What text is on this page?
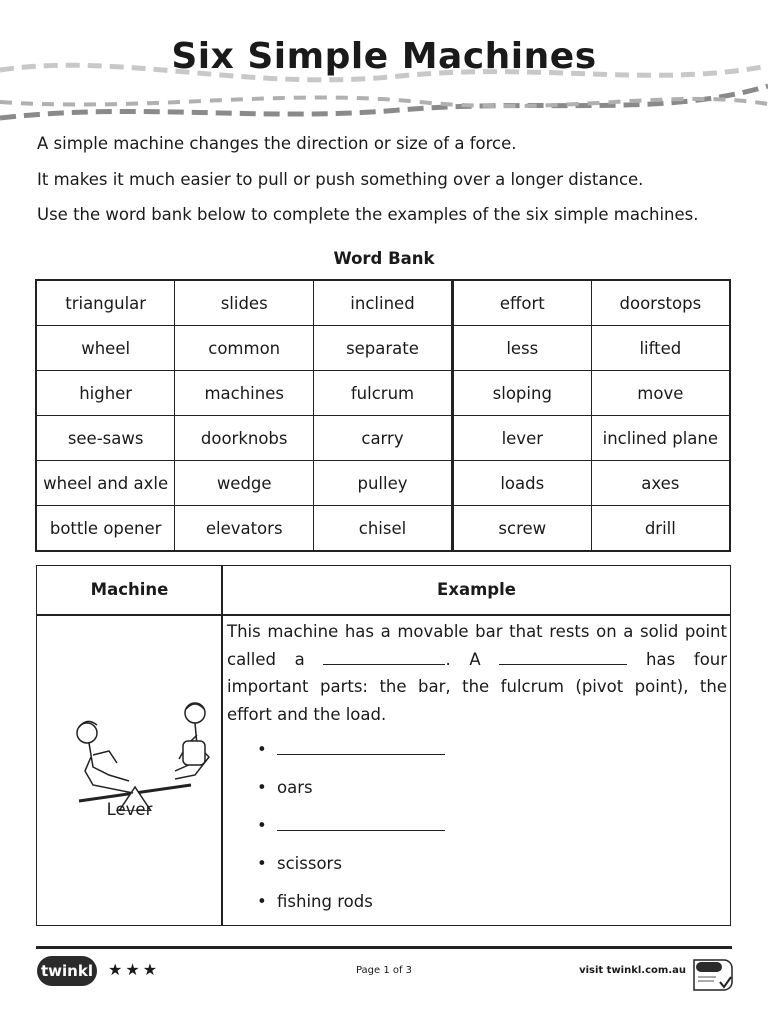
Six Simple Machines
A simple machine changes the direction or size of a force.
It makes it much easier to pull or push something over a longer distance.
Use the word bank below to complete the examples of the six simple machines.
Word Bank
triangular	slides	inclined	effort	doorstops
wheel	common	separate	less	lifted
higher	machines	fulcrum	sloping	move
see-saws	doorknobs	carry	lever	inclined plane
wheel and axle	wedge	pulley	loads	axes
bottle opener	elevators	chisel	screw	drill
Machine	Example
Lever
This machine has a movable bar that rests on a solid point called a	. A	has four important parts: the bar, the fulcrum (pivot point), the effort and the load.
•
• oars
•
• scissors
• fishing rods
twinkl ★★★	Page 1 of 3	visit twinkl.com.au
